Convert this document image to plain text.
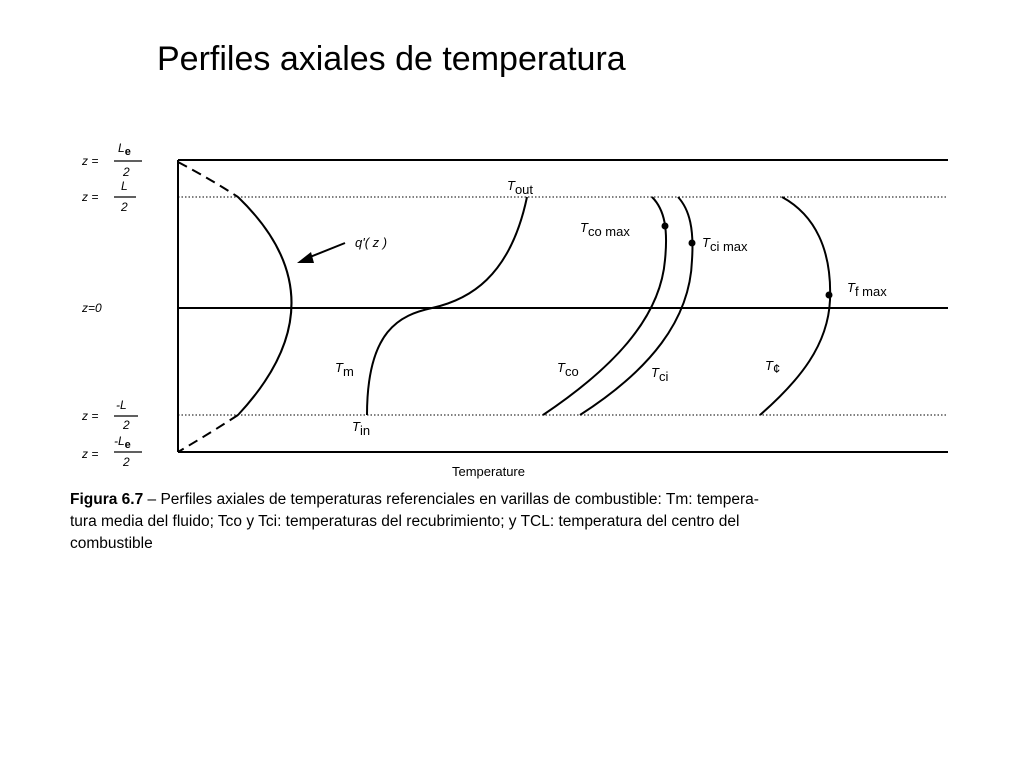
Perfiles axiales de temperatura
z =
Le
2
z =
L
2
z=0
z =
-L
2
z =
-Le
2
q'( z )
Tout
Tco max
Tci max
Tf max
Tm	Tco	Tci
T¢
Tin
Temperature
Figura 6.7 – Perfiles axiales de temperaturas referenciales en varillas de combustible: Tm: tempera-
tura media del fluido; Tco y Tci: temperaturas del recubrimiento; y TCL: temperatura del centro del
combustible
